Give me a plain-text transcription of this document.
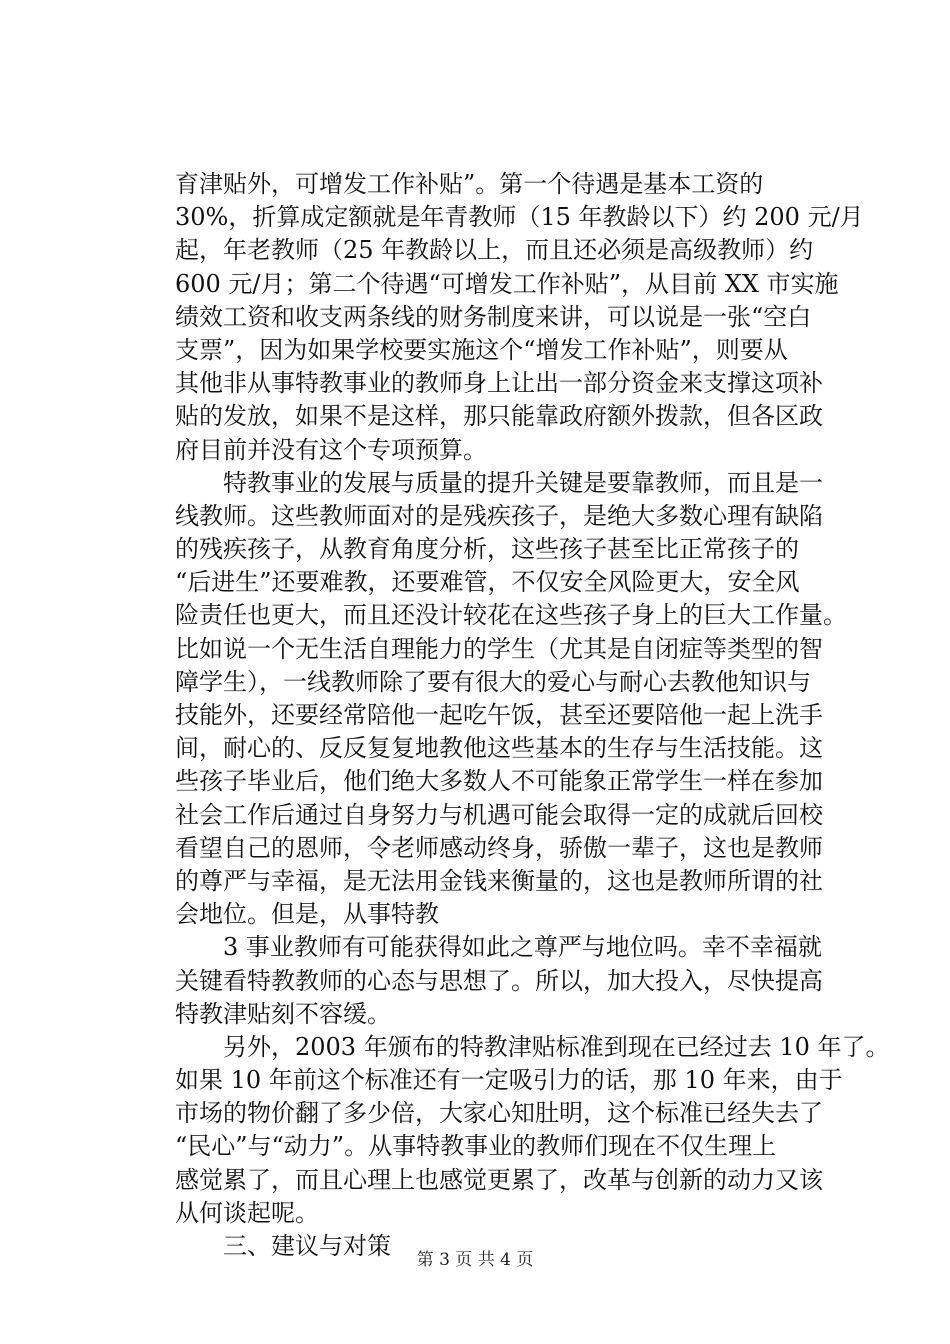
育津贴外，可增发工作补贴”。第一个待遇是基本工资的
30%，折算成定额就是年青教师（15 年教龄以下）约 200 元/月
起，年老教师（25 年教龄以上，而且还必须是高级教师）约
600 元/月；第二个待遇“可增发工作补贴”，从目前 XX 市实施
绩效工资和收支两条线的财务制度来讲，可以说是一张“空白
支票”，因为如果学校要实施这个“增发工作补贴”，则要从
其他非从事特教事业的教师身上让出一部分资金来支撑这项补
贴的发放，如果不是这样，那只能靠政府额外拨款，但各区政
府目前并没有这个专项预算。
特教事业的发展与质量的提升关键是要靠教师，而且是一
线教师。这些教师面对的是残疾孩子，是绝大多数心理有缺陷
的残疾孩子，从教育角度分析，这些孩子甚至比正常孩子的
“后进生”还要难教，还要难管，不仅安全风险更大，安全风
险责任也更大，而且还没计较花在这些孩子身上的巨大工作量。
比如说一个无生活自理能力的学生（尤其是自闭症等类型的智
障学生），一线教师除了要有很大的爱心与耐心去教他知识与
技能外，还要经常陪他一起吃午饭，甚至还要陪他一起上洗手
间，耐心的、反反复复地教他这些基本的生存与生活技能。这
些孩子毕业后，他们绝大多数人不可能象正常学生一样在参加
社会工作后通过自身努力与机遇可能会取得一定的成就后回校
看望自己的恩师，令老师感动终身，骄傲一辈子，这也是教师
的尊严与幸福，是无法用金钱来衡量的，这也是教师所谓的社
会地位。但是，从事特教
3 事业教师有可能获得如此之尊严与地位吗。幸不幸福就
关键看特教教师的心态与思想了。所以，加大投入，尽快提高
特教津贴刻不容缓。
另外，2003 年颁布的特教津贴标准到现在已经过去 10 年了。
如果 10 年前这个标准还有一定吸引力的话，那 10 年来，由于
市场的物价翻了多少倍，大家心知肚明，这个标准已经失去了
“民心”与“动力”。从事特教事业的教师们现在不仅生理上
感觉累了，而且心理上也感觉更累了，改革与创新的动力又该
从何谈起呢。
三、建议与对策	第 3 页 共 4 页
